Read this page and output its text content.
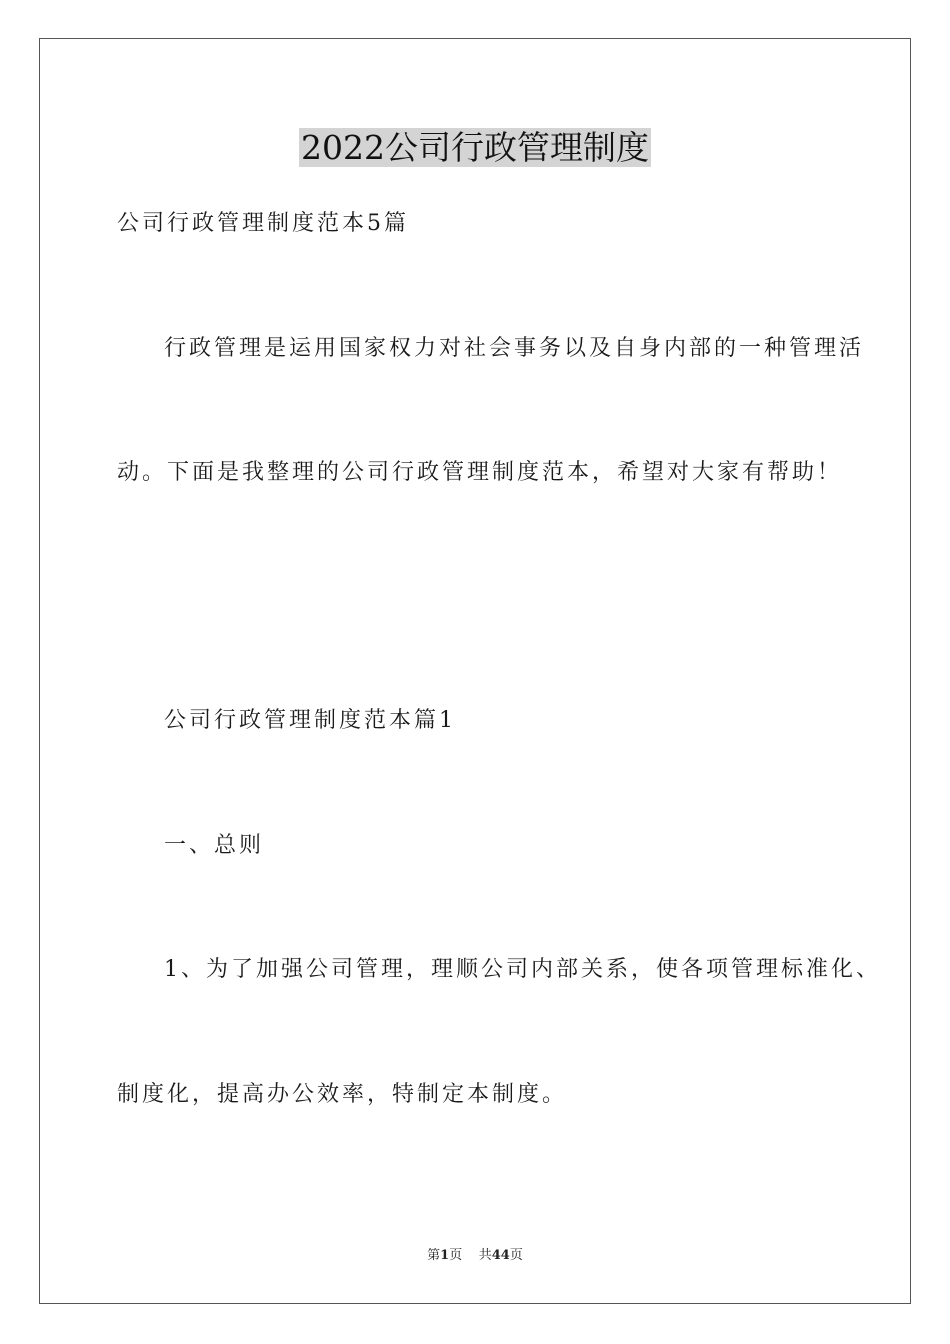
2022公司行政管理制度
公司行政管理制度范本5篇
行政管理是运用国家权力对社会事务以及自身内部的一种管理活
动。下面是我整理的公司行政管理制度范本，希望对大家有帮助！
公司行政管理制度范本篇1
一、总则
1、为了加强公司管理，理顺公司内部关系，使各项管理标准化、
制度化，提高办公效率，特制定本制度。
第1页 共44页
